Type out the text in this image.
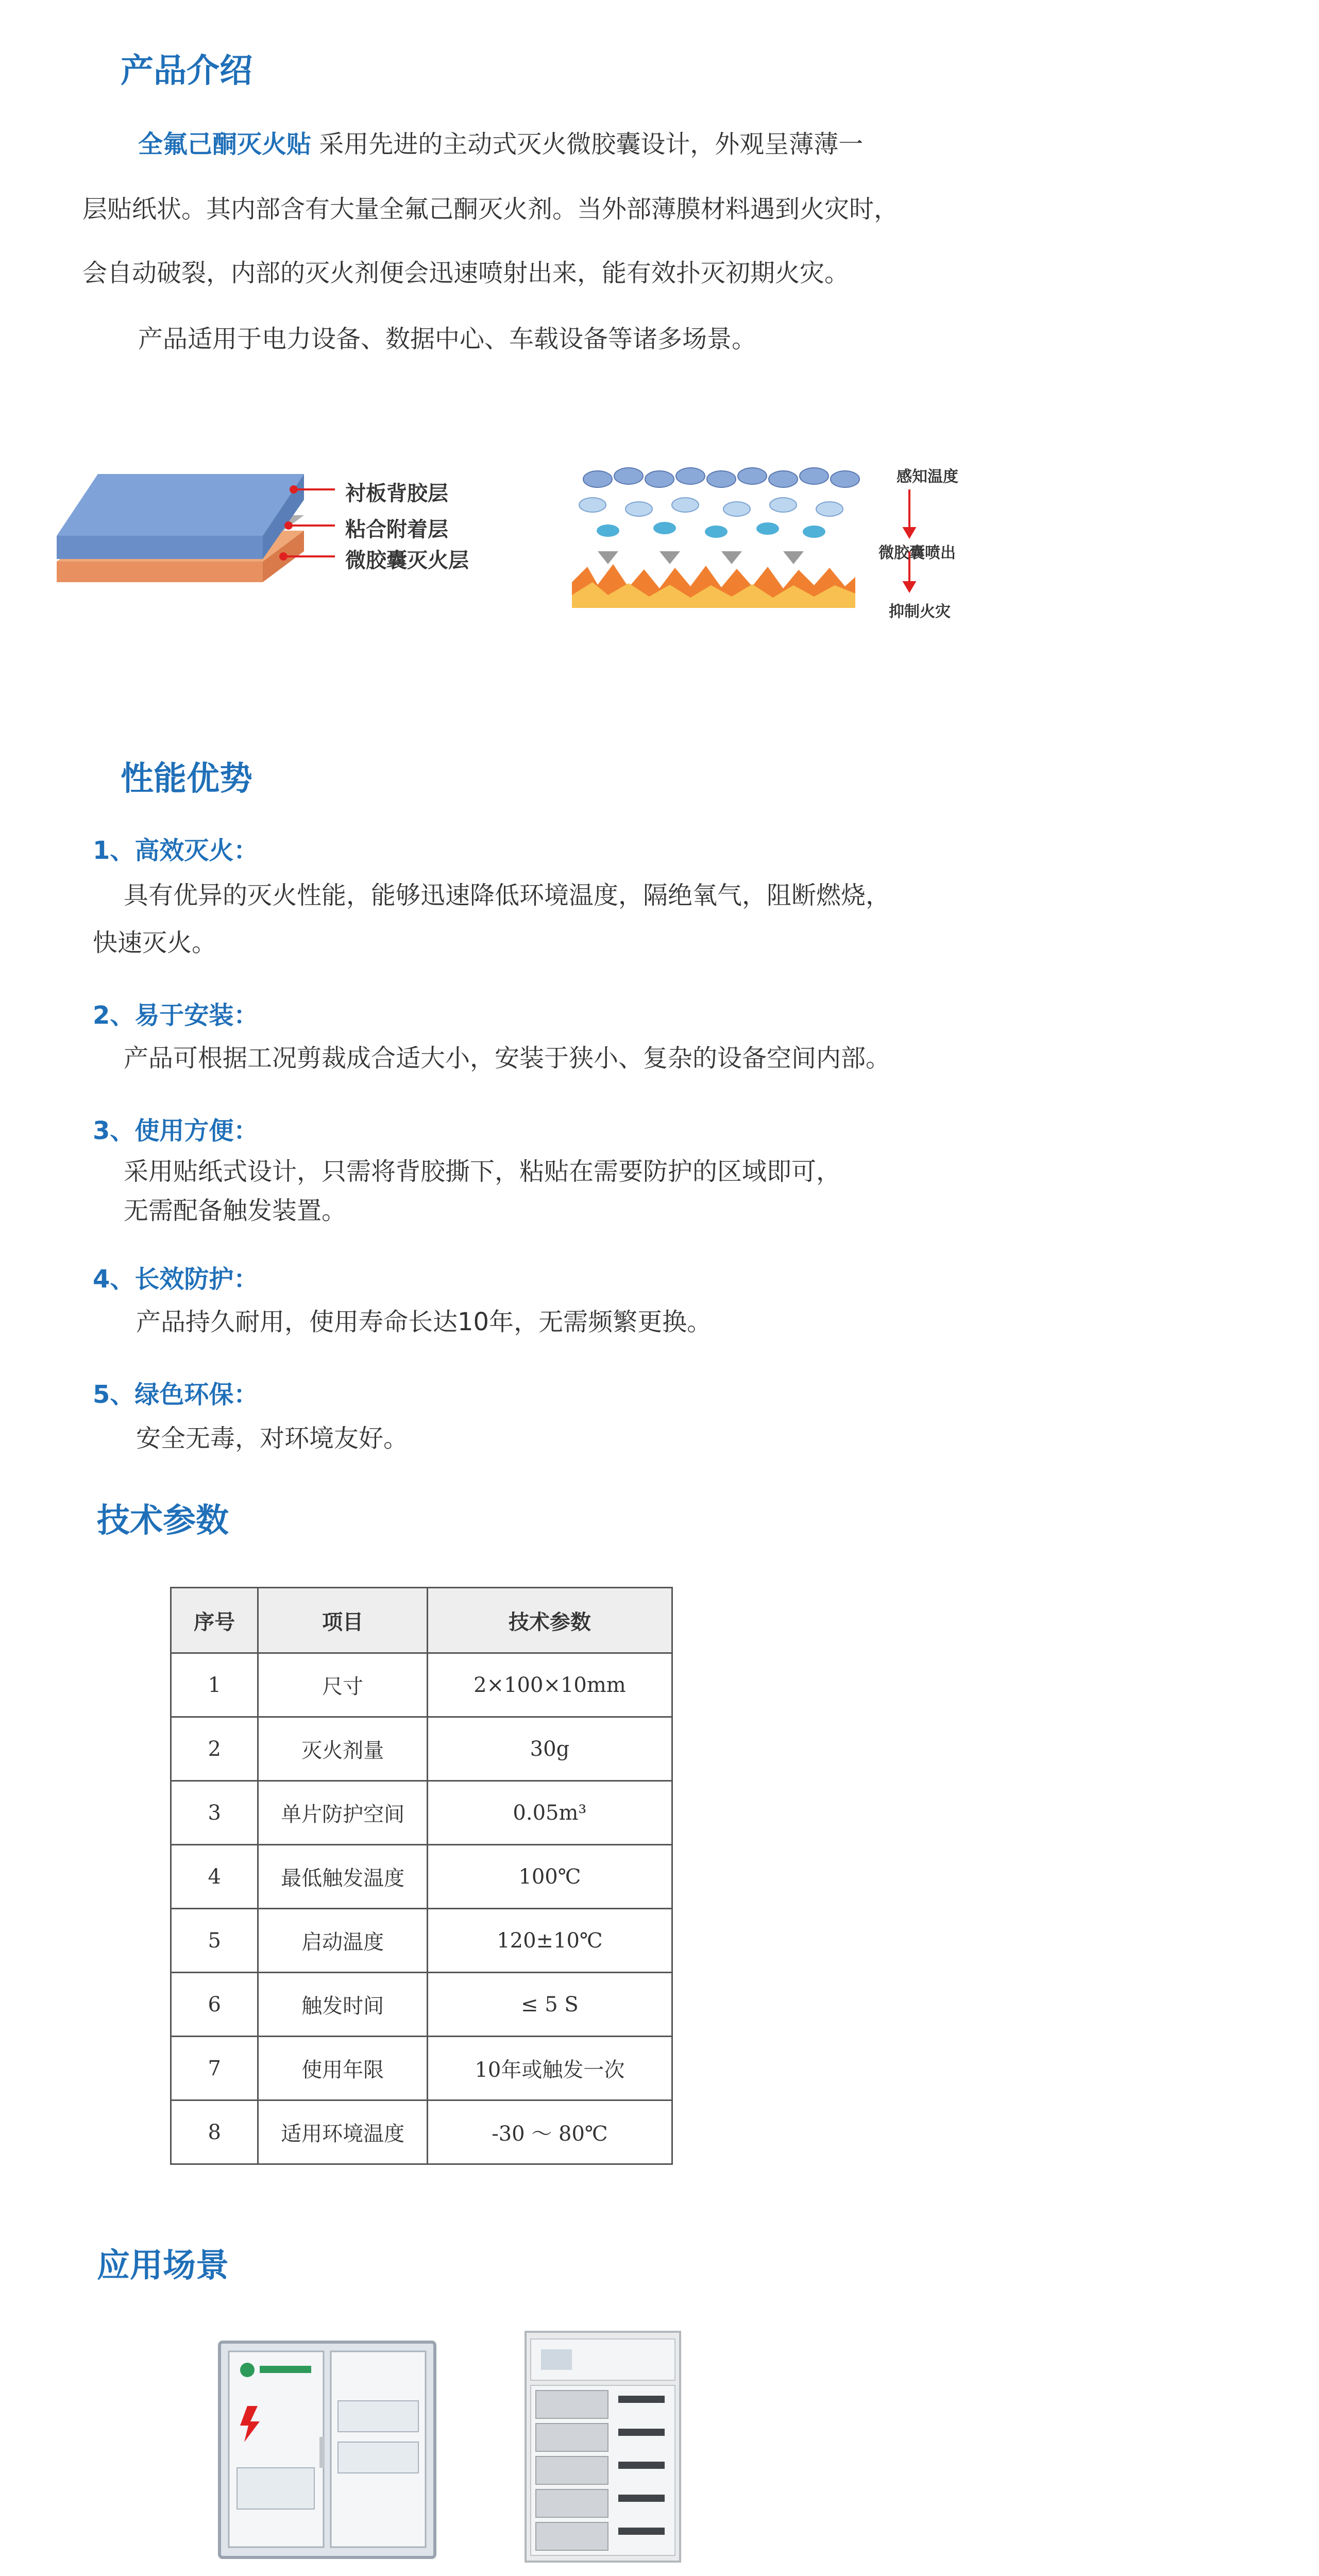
产品介绍
全氟己酮灭火贴 采用先进的主动式灭火微胶囊设计，外观呈薄薄一
层贴纸状。其内部含有大量全氟己酮灭火剂。当外部薄膜材料遇到火灾时，
会自动破裂，内部的灭火剂便会迅速喷射出来，能有效扑灭初期火灾。
产品适用于电力设备、数据中心、车载设备等诸多场景。
衬板背胶层
粘合附着层
微胶囊灭火层
感知温度
微胶囊喷出
抑制火灾
性能优势
1、高效灭火：
具有优异的灭火性能，能够迅速降低环境温度，隔绝氧气，阻断燃烧，
快速灭火。
2、易于安装：
产品可根据工况剪裁成合适大小，安装于狭小、复杂的设备空间内部。
3、使用方便：
采用贴纸式设计，只需将背胶撕下，粘贴在需要防护的区域即可，
无需配备触发装置。
4、长效防护：
产品持久耐用，使用寿命长达10年，无需频繁更换。
5、绿色环保：
安全无毒，对环境友好。
技术参数
序号	项目	技术参数
1	尺寸	2×100×10mm
2	灭火剂量	30g
3	单片防护空间	0.05m³
4	最低触发温度	100℃
5	启动温度	120±10℃
6	触发时间	≤ 5 S
7	使用年限	10年或触发一次
8	适用环境温度	-30 ～ 80℃
应用场景
